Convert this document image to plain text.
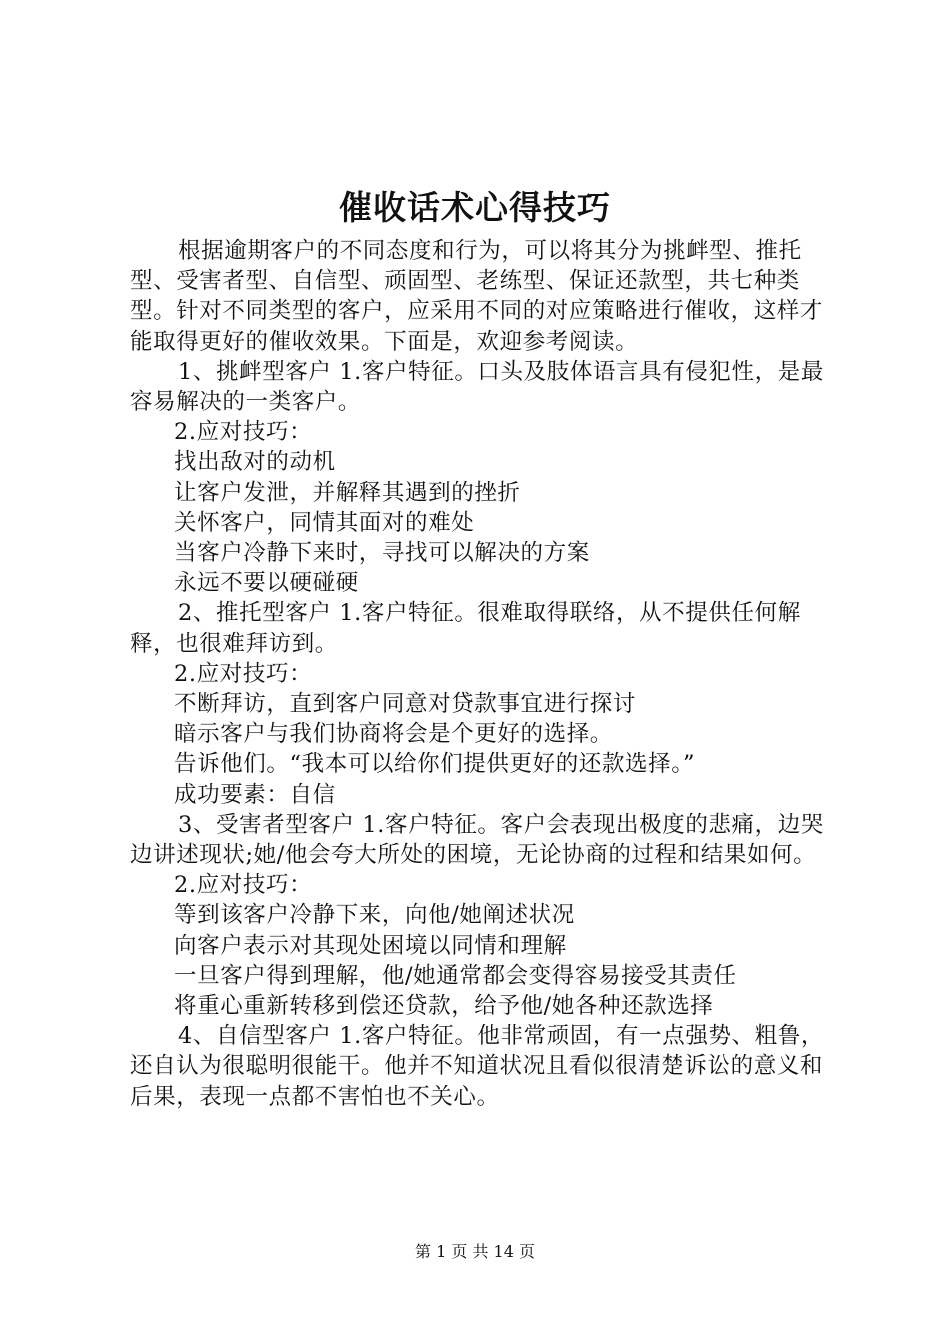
催收话术心得技巧

根据逾期客户的不同态度和行为，可以将其分为挑衅型、推托型、受害者型、自信型、顽固型、老练型、保证还款型，共七种类型。针对不同类型的客户，应采用不同的对应策略进行催收，这样才能取得更好的催收效果。下面是，欢迎参考阅读。

1、挑衅型客户 1.客户特征。口头及肢体语言具有侵犯性，是最容易解决的一类客户。

2.应对技巧：

找出敌对的动机

让客户发泄，并解释其遇到的挫折

关怀客户，同情其面对的难处

当客户冷静下来时，寻找可以解决的方案

永远不要以硬碰硬

2、推托型客户 1.客户特征。很难取得联络，从不提供任何解释，也很难拜访到。

2.应对技巧：

不断拜访，直到客户同意对贷款事宜进行探讨

暗示客户与我们协商将会是个更好的选择。

告诉他们。“我本可以给你们提供更好的还款选择。”

成功要素：自信

3、受害者型客户 1.客户特征。客户会表现出极度的悲痛，边哭边讲述现状;她/他会夸大所处的困境，无论协商的过程和结果如何。

2.应对技巧：

等到该客户冷静下来，向他/她阐述状况

向客户表示对其现处困境以同情和理解

一旦客户得到理解，他/她通常都会变得容易接受其责任

将重心重新转移到偿还贷款，给予他/她各种还款选择

4、自信型客户 1.客户特征。他非常顽固，有一点强势、粗鲁，还自认为很聪明很能干。他并不知道状况且看似很清楚诉讼的意义和后果，表现一点都不害怕也不关心。

第 1 页 共 14 页
